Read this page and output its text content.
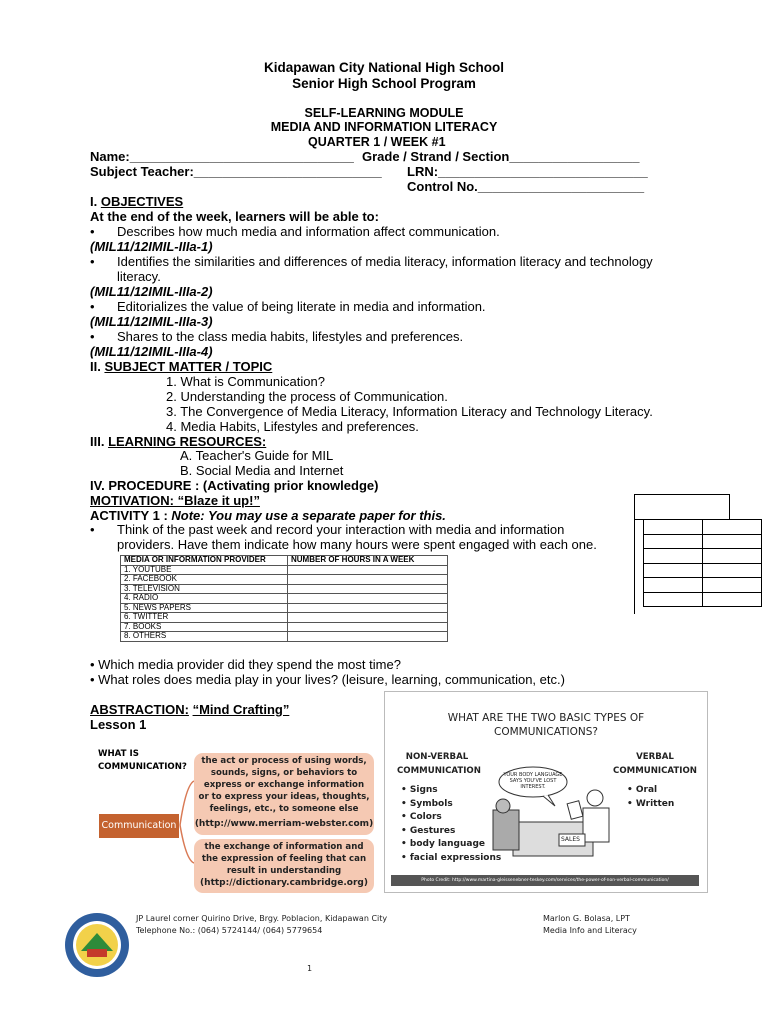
Kidapawan City National High School
Senior High School Program
SELF-LEARNING MODULE
MEDIA AND INFORMATION LITERACY
QUARTER 1 / WEEK #1
Name:_______________________________ Grade / Strand / Section__________________
Subject Teacher:__________________________ LRN:_____________________________
Control No._______________________
I. OBJECTIVES
At the end of the week, learners will be able to:
• Describes how much media and information affect communication.
(MIL11/12IMIL-IIIa-1)
• Identifies the similarities and differences of media literacy, information literacy and technology literacy.
(MIL11/12IMIL-IIIa-2)
• Editorializes the value of being literate in media and information.
(MIL11/12IMIL-IIIa-3)
• Shares to the class media habits, lifestyles and preferences.
(MIL11/12IMIL-IIIa-4)
II. SUBJECT MATTER / TOPIC
1. What is Communication?
2. Understanding the process of Communication.
3. The Convergence of Media Literacy, Information Literacy and Technology Literacy.
4. Media Habits, Lifestyles and preferences.
III. LEARNING RESOURCES:
A. Teacher's Guide for MIL
B. Social Media and Internet
IV. PROCEDURE : (Activating prior knowledge)
MOTIVATION: “Blaze it up!”
ACTIVITY 1 : Note: You may use a separate paper for this.
• Think of the past week and record your interaction with media and information providers. Have them indicate how many hours were spent engaged with each one.
MEDIA OR INFORMATION PROVIDER	NUMBER OF HOURS IN A WEEK
1. YOUTUBE	
2. FACEBOOK	
3. TELEVISION	
4. RADIO	
5. NEWS PAPERS	
6. TWITTER	
7. BOOKS	
8. OTHERS	

• Which media provider did they spend the most time?
• What roles does media play in your lives? (leisure, learning, communication, etc.)
ABSTRACTION: “Mind Crafting”
Lesson 1
WHAT IS COMMUNICATION?
Communication
the act or process of using words, sounds, signs, or behaviors to express or exchange information or to express your ideas, thoughts, feelings, etc., to someone else
(http://www.merriam-webster.com)
the exchange of information and the expression of feeling that can result in understanding
(http://dictionary.cambridge.org)
WHAT ARE THE TWO BASIC TYPES OF COMMUNICATIONS?
NON-VERBAL COMMUNICATION
• Signs
• Symbols
• Colors
• Gestures
• body language
• facial expressions
VERBAL COMMUNICATION
• Oral
• Written
YOUR BODY LANGUAGE SAYS YOU'VE LOST INTEREST.
SALES
Photo Credit: http://www.martina-gleissenebner-teskey.com/services/the-power-of-non-verbal-communication/
JP Laurel corner Quirino Drive, Brgy. Poblacion, Kidapawan City
Telephone No.: (064) 5724144/ (064) 5779654
Marlon G. Bolasa, LPT
Media Info and Literacy
1
